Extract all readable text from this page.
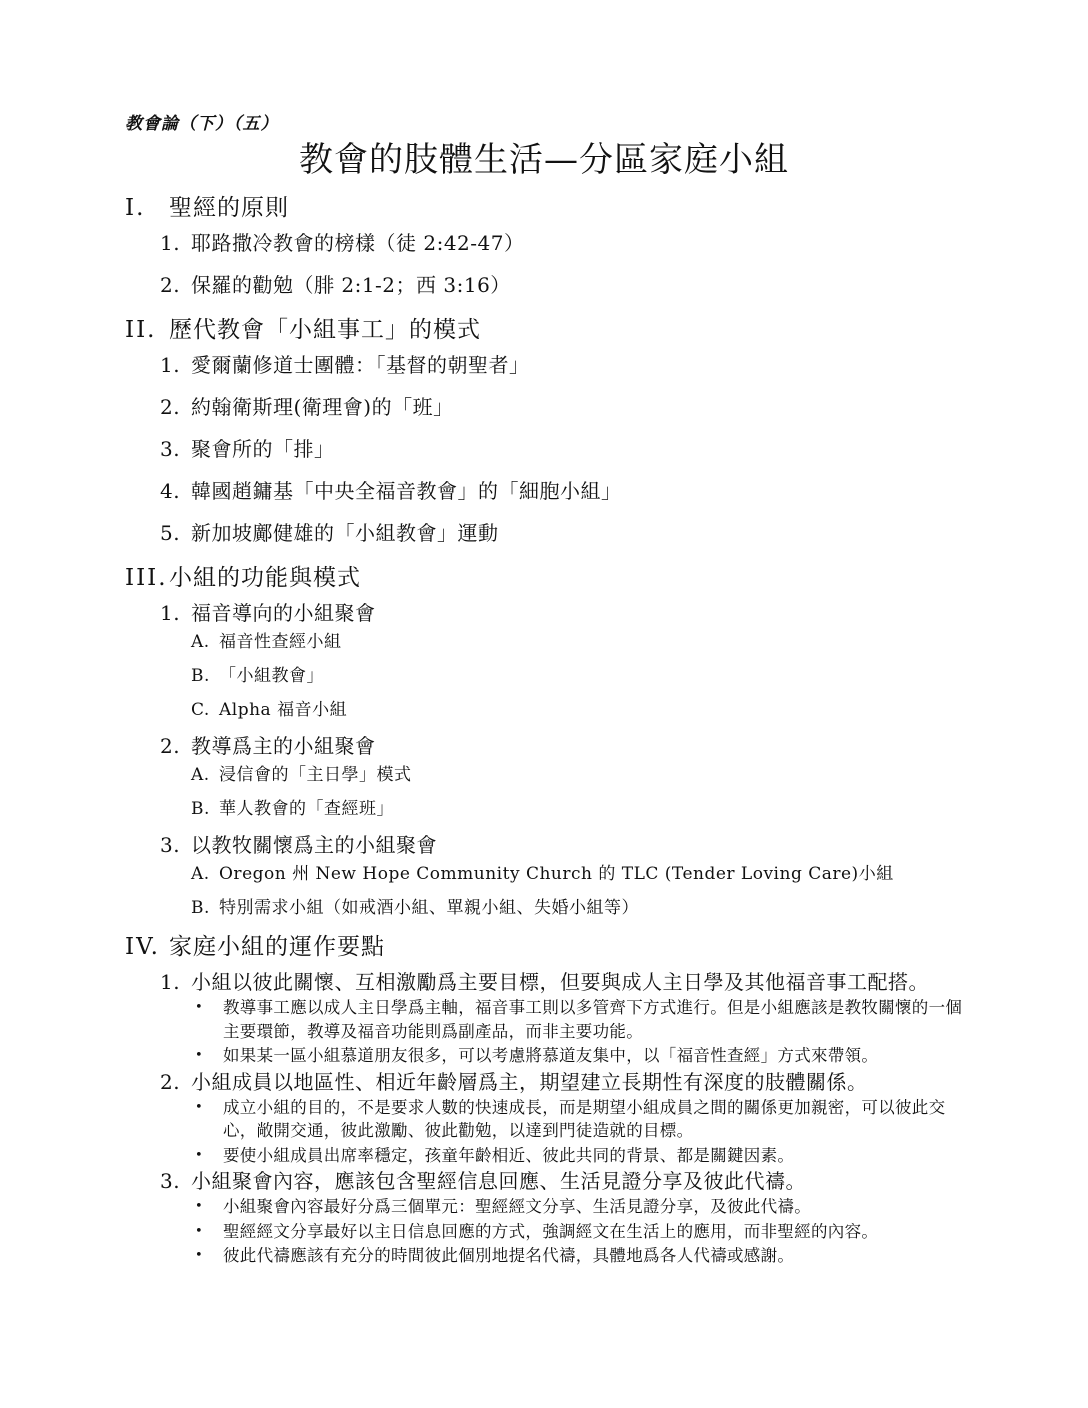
教會論（下）（五）
教會的肢體生活—分區家庭小組
I.	聖經的原則
1. 耶路撒冷教會的榜樣（徒 2:42-47）
2. 保羅的勸勉（腓 2:1-2；西 3:16）
II. 歷代教會「小組事工」的模式
1. 愛爾蘭修道士團體：「基督的朝聖者」
2. 約翰衛斯理(衛理會)的「班」
3. 聚會所的「排」
4. 韓國趙鏞基「中央全福音教會」的「細胞小組」
5. 新加坡鄺健雄的「小組教會」運動
III. 小組的功能與模式
1. 福音導向的小組聚會
A. 福音性查經小組
B. 「小組教會」
C. Alpha 福音小組
2. 教導爲主的小組聚會
A. 浸信會的「主日學」模式
B. 華人教會的「查經班」
3. 以教牧關懷爲主的小組聚會
A. Oregon 州 New Hope Community Church 的 TLC (Tender Loving Care)小組
B. 特別需求小組（如戒酒小組、單親小組、失婚小組等）
IV. 家庭小組的運作要點
1. 小組以彼此關懷、互相激勵爲主要目標，但要與成人主日學及其他福音事工配搭。
•	教導事工應以成人主日學爲主軸，福音事工則以多管齊下方式進行。但是小組應該是教牧關懷的一個主要環節，教導及福音功能則爲副產品，而非主要功能。
•	如果某一區小組慕道朋友很多，可以考慮將慕道友集中，以「福音性查經」方式來帶領。
2. 小組成員以地區性、相近年齡層爲主，期望建立長期性有深度的肢體關係。
•	成立小組的目的，不是要求人數的快速成長，而是期望小組成員之間的關係更加親密，可以彼此交心，敞開交通，彼此激勵、彼此勸勉，以達到門徒造就的目標。
•	要使小組成員出席率穩定，孩童年齡相近、彼此共同的背景、都是關鍵因素。
3. 小組聚會內容，應該包含聖經信息回應、生活見證分享及彼此代禱。
•	小組聚會內容最好分爲三個單元：聖經經文分享、生活見證分享，及彼此代禱。
•	聖經經文分享最好以主日信息回應的方式，強調經文在生活上的應用，而非聖經的內容。
•	彼此代禱應該有充分的時間彼此個別地提名代禱，具體地爲各人代禱或感謝。
